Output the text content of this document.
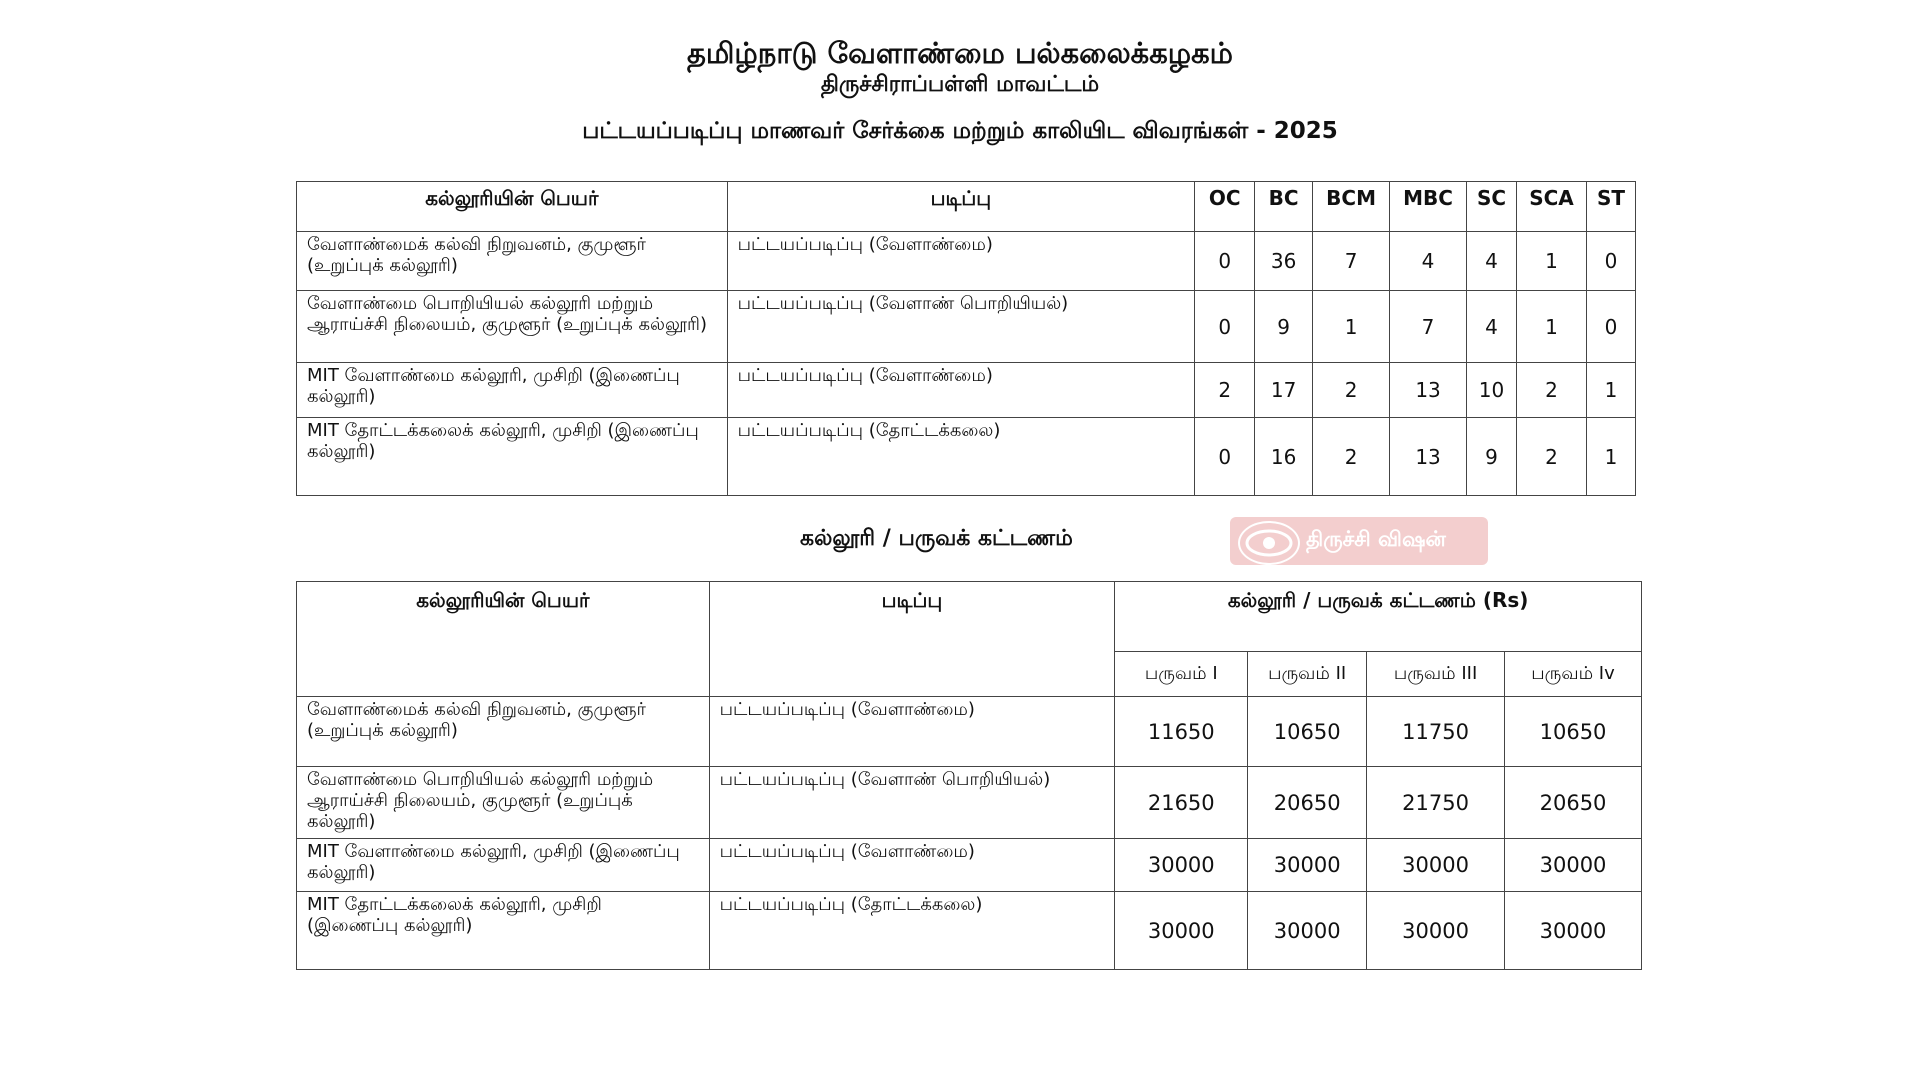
தமிழ்நாடு வேளாண்மை பல்கலைக்கழகம்
திருச்சிராப்பள்ளி மாவட்டம்
பட்டயப்படிப்பு மாணவர் சேர்க்கை மற்றும் காலியிட விவரங்கள் - 2025
கல்லூரியின் பெயர்	படிப்பு	OC	BC	BCM	MBC	SC	SCA	ST
வேளாண்மைக் கல்வி நிறுவனம், குமுளூர் (உறுப்புக் கல்லூரி)	பட்டயப்படிப்பு (வேளாண்மை)	0	36	7	4	4	1	0
வேளாண்மை பொறியியல் கல்லூரி மற்றும் ஆராய்ச்சி நிலையம், குமுளூர் (உறுப்புக் கல்லூரி)	பட்டயப்படிப்பு (வேளாண் பொறியியல்)	0	9	1	7	4	1	0
MIT வேளாண்மை கல்லூரி, முசிறி (இணைப்பு கல்லூரி)	பட்டயப்படிப்பு (வேளாண்மை)	2	17	2	13	10	2	1
MIT தோட்டக்கலைக் கல்லூரி, முசிறி (இணைப்பு கல்லூரி)	பட்டயப்படிப்பு (தோட்டக்கலை)	0	16	2	13	9	2	1
கல்லூரி / பருவக் கட்டணம்	திருச்சி விஷன்
கல்லூரியின் பெயர்	படிப்பு	கல்லூரி / பருவக் கட்டணம் (Rs)			
		பருவம் I	பருவம் II	பருவம் III	பருவம் Iv
வேளாண்மைக் கல்வி நிறுவனம், குமுளூர் (உறுப்புக் கல்லூரி)	பட்டயப்படிப்பு (வேளாண்மை)	11650	10650	11750	10650
வேளாண்மை பொறியியல் கல்லூரி மற்றும் ஆராய்ச்சி நிலையம், குமுளூர் (உறுப்புக் கல்லூரி)	பட்டயப்படிப்பு (வேளாண் பொறியியல்)	21650	20650	21750	20650
MIT வேளாண்மை கல்லூரி, முசிறி (இணைப்பு கல்லூரி)	பட்டயப்படிப்பு (வேளாண்மை)	30000	30000	30000	30000
MIT தோட்டக்கலைக் கல்லூரி, முசிறி (இணைப்பு கல்லூரி)	பட்டயப்படிப்பு (தோட்டக்கலை)	30000	30000	30000	30000
